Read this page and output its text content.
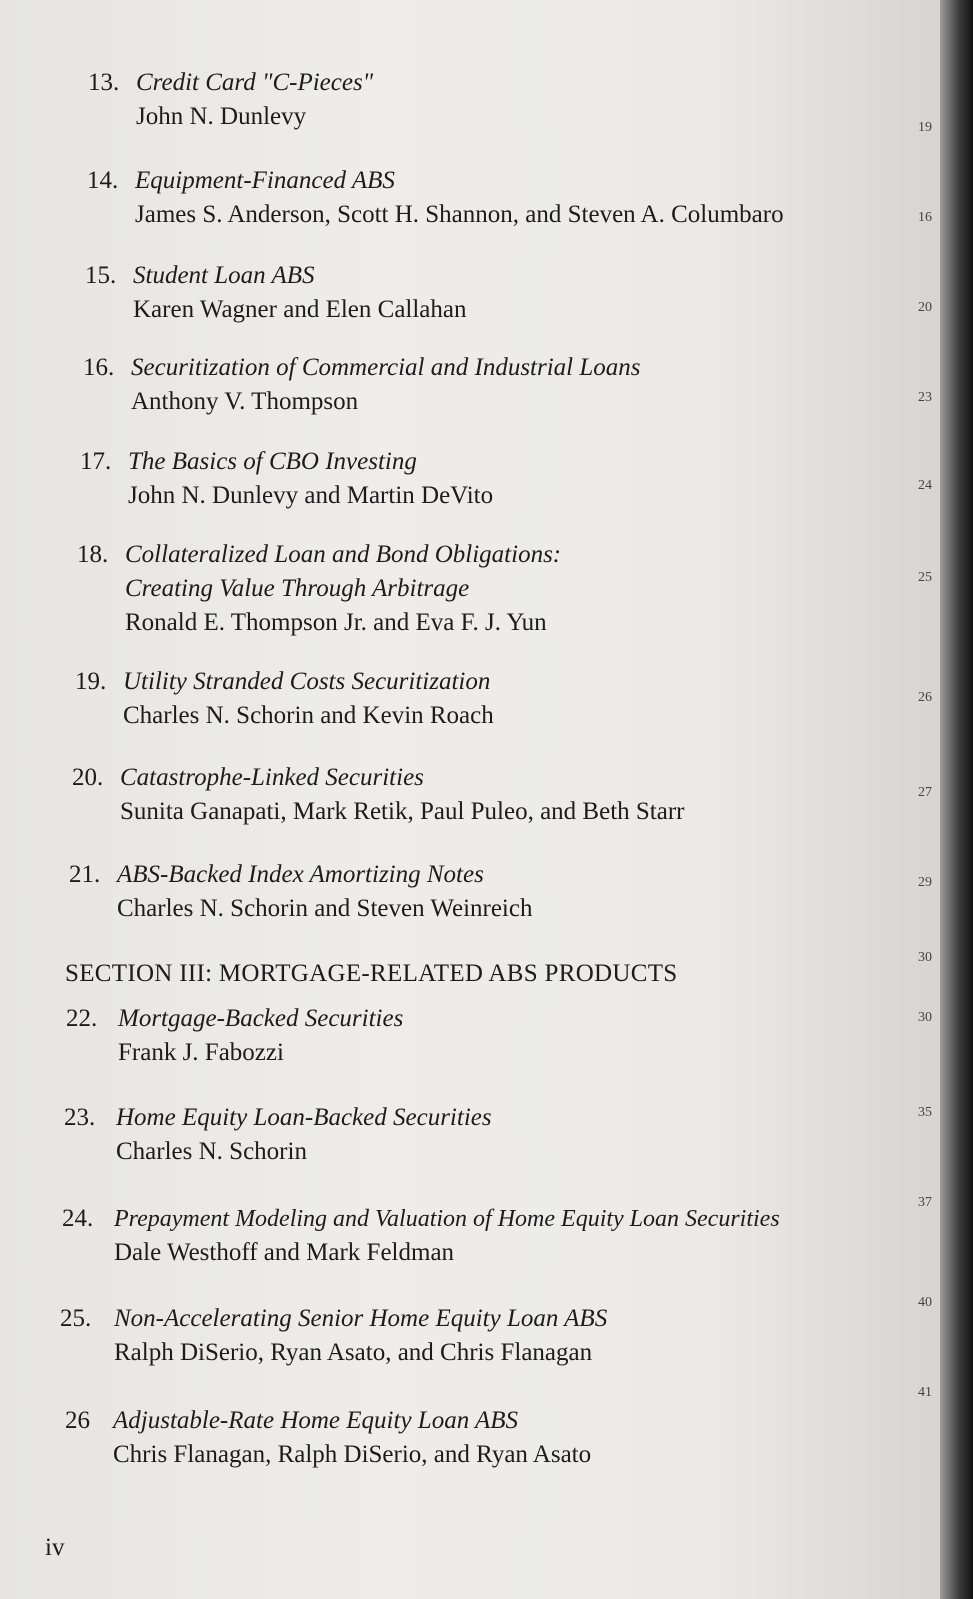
13. Credit Card "C-Pieces"
John N. Dunlevy
14. Equipment-Financed ABS
James S. Anderson, Scott H. Shannon, and Steven A. Columbaro
15. Student Loan ABS
Karen Wagner and Elen Callahan
16. Securitization of Commercial and Industrial Loans
Anthony V. Thompson
17. The Basics of CBO Investing
John N. Dunlevy and Martin DeVito
18. Collateralized Loan and Bond Obligations:
Creating Value Through Arbitrage
Ronald E. Thompson Jr. and Eva F. J. Yun
19. Utility Stranded Costs Securitization
Charles N. Schorin and Kevin Roach
20. Catastrophe-Linked Securities
Sunita Ganapati, Mark Retik, Paul Puleo, and Beth Starr
21. ABS-Backed Index Amortizing Notes
Charles N. Schorin and Steven Weinreich
SECTION III: MORTGAGE-RELATED ABS PRODUCTS
22. Mortgage-Backed Securities
Frank J. Fabozzi
23. Home Equity Loan-Backed Securities
Charles N. Schorin
24. Prepayment Modeling and Valuation of Home Equity Loan Securities
Dale Westhoff and Mark Feldman
25. Non-Accelerating Senior Home Equity Loan ABS
Ralph DiSerio, Ryan Asato, and Chris Flanagan
26 Adjustable-Rate Home Equity Loan ABS
Chris Flanagan, Ralph DiSerio, and Ryan Asato
19
16
20
23
24
25
26
27
29
30
30
35
37
40
41
iv
